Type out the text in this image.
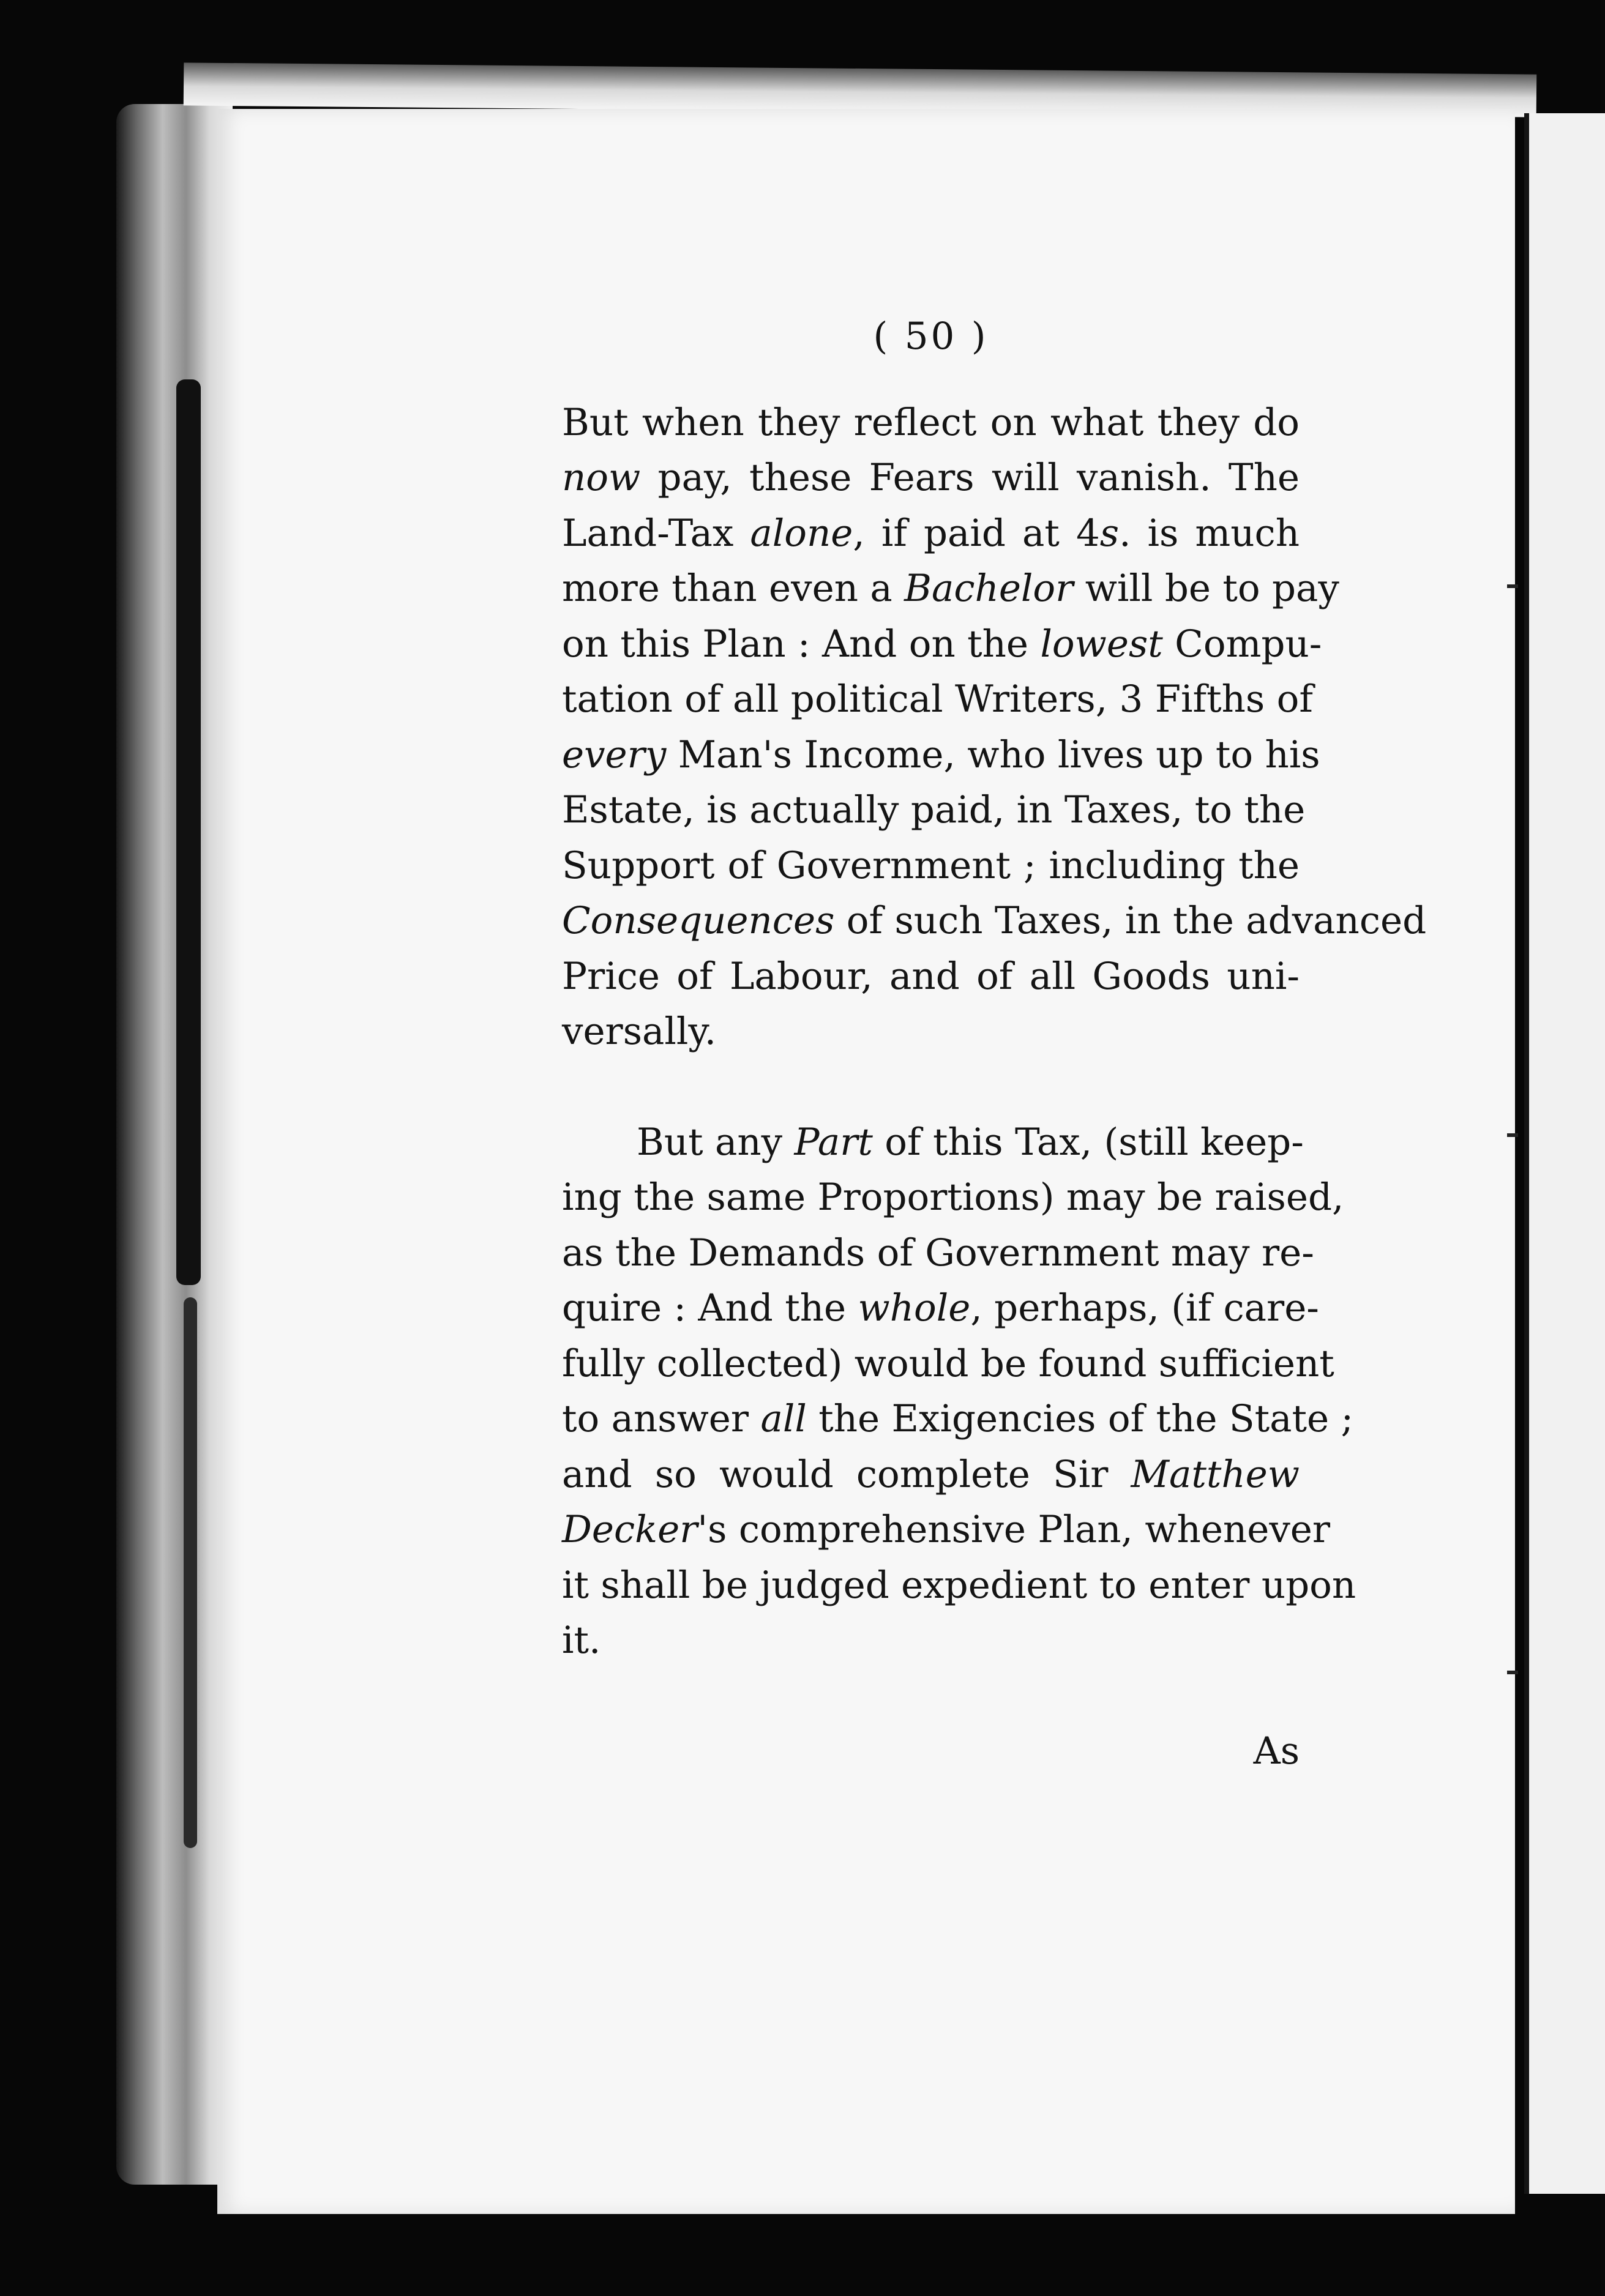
( 50 )
But when they reflect on what they do
now pay, these Fears will vanish. The
Land-Tax alone, if paid at 4s. is much
more than even a Bachelor will be to pay
on this Plan : And on the lowest Compu-
tation of all political Writers, 3 Fifths of
every Man's Income, who lives up to his
Estate, is actually paid, in Taxes, to the
Support of Government ; including the
Consequences of such Taxes, in the advanced
Price of Labour, and of all Goods uni-
versally.
  But any Part of this Tax, (still keep-
ing the same Proportions) may be raised,
as the Demands of Government may re-
quire : And the whole, perhaps, (if care-
fully collected) would be found sufficient
to answer all the Exigencies of the State ;
and so would complete Sir Matthew
Decker's comprehensive Plan, whenever
it shall be judged expedient to enter upon
it.
As
